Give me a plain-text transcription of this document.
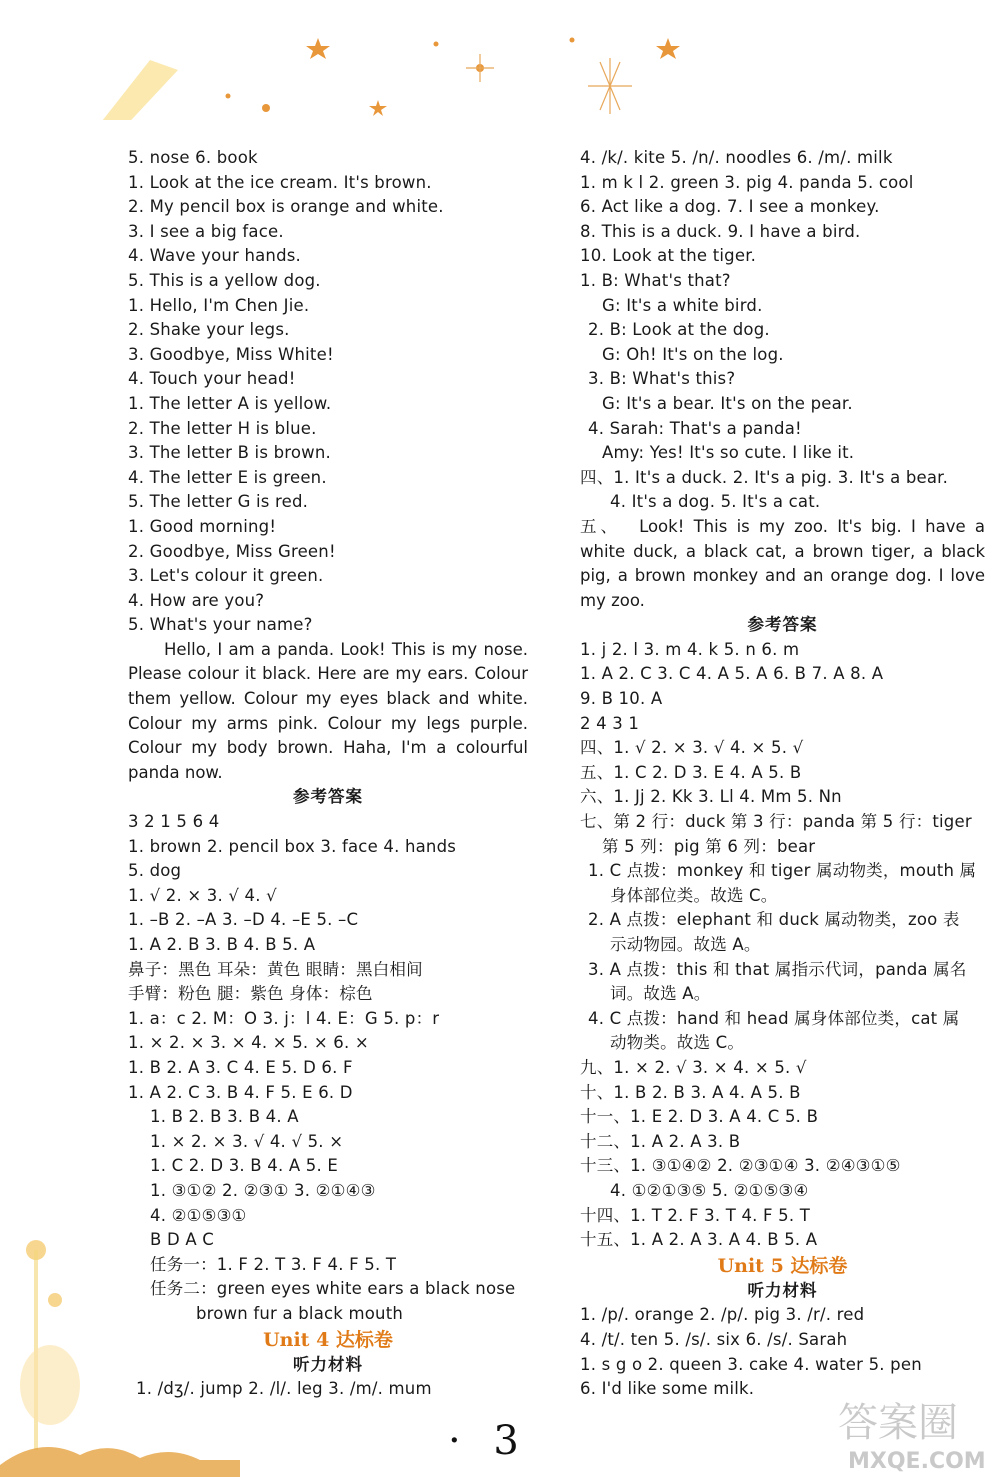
5. nose 6. book
1. Look at the ice cream. It's brown.
2. My pencil box is orange and white.
3. I see a big face.
4. Wave your hands.
5. This is a yellow dog.
1. Hello, I'm Chen Jie.
2. Shake your legs.
3. Goodbye, Miss White!
4. Touch your head!
1. The letter A is yellow.
2. The letter H is blue.
3. The letter B is brown.
4. The letter E is green.
5. The letter G is red.
1. Good morning!
2. Goodbye, Miss Green!
3. Let's colour it green.
4. How are you?
5. What's your name?
Hello, I am a panda. Look! This is my nose. Please colour it black. Here are my ears. Colour them yellow. Colour my eyes black and white. Colour my arms pink. Colour my legs purple. Colour my body brown. Haha, I'm a colourful panda now.
参考答案
3 2 1 5 6 4
1. brown 2. pencil box 3. face 4. hands
5. dog
1. √ 2. × 3. √ 4. √
1. –B 2. –A 3. –D 4. –E 5. –C
1. A 2. B 3. B 4. B 5. A
鼻子：黑色 耳朵：黄色 眼睛：黑白相间
手臂：粉色 腿：紫色 身体：棕色
1. a：c 2. M：O 3. j：l 4. E：G 5. p：r
1. × 2. × 3. × 4. × 5. × 6. ×
1. B 2. A 3. C 4. E 5. D 6. F
1. A 2. C 3. B 4. F 5. E 6. D
1. B 2. B 3. B 4. A
1. × 2. × 3. √ 4. √ 5. ×
1. C 2. D 3. B 4. A 5. E
1. ③①② 2. ②③① 3. ②①④③
4. ②①⑤③①
B D A C
任务一：1. F 2. T 3. F 4. F 5. T
任务二：green eyes white ears a black nose
brown fur a black mouth
Unit 4 达标卷
听力材料
1. /dʒ/. jump 2. /l/. leg 3. /m/. mum
4. /k/. kite 5. /n/. noodles 6. /m/. milk
1. m k l 2. green 3. pig 4. panda 5. cool
6. Act like a dog. 7. I see a monkey.
8. This is a duck. 9. I have a bird.
10. Look at the tiger.
1. B: What's that?
G: It's a white bird.
2. B: Look at the dog.
G: Oh! It's on the log.
3. B: What's this?
G: It's a bear. It's on the pear.
4. Sarah: That's a panda!
Amy: Yes! It's so cute. I like it.
四、1. It's a duck. 2. It's a pig. 3. It's a bear.
4. It's a dog. 5. It's a cat.
五、 Look! This is my zoo. It's big. I have a white duck, a black cat, a brown tiger, a black pig, a brown monkey and an orange dog. I love my zoo.
参考答案
1. j 2. l 3. m 4. k 5. n 6. m
1. A 2. C 3. C 4. A 5. A 6. B 7. A 8. A
9. B 10. A
2 4 3 1
四、1. √ 2. × 3. √ 4. × 5. √
五、1. C 2. D 3. E 4. A 5. B
六、1. Jj 2. Kk 3. Ll 4. Mm 5. Nn
七、第 2 行：duck 第 3 行：panda 第 5 行：tiger
第 5 列：pig 第 6 列：bear
1. C 点拨：monkey 和 tiger 属动物类，mouth 属
身体部位类。故选 C。
2. A 点拨：elephant 和 duck 属动物类，zoo 表
示动物园。故选 A。
3. A 点拨：this 和 that 属指示代词，panda 属名
词。故选 A。
4. C 点拨：hand 和 head 属身体部位类，cat 属
动物类。故选 C。
九、1. × 2. √ 3. × 4. × 5. √
十、1. B 2. B 3. A 4. A 5. B
十一、1. E 2. D 3. A 4. C 5. B
十二、1. A 2. A 3. B
十三、1. ③①④② 2. ②③①④ 3. ②④③①⑤
4. ①②①③⑤ 5. ②①⑤③④
十四、1. T 2. F 3. T 4. F 5. T
十五、1. A 2. A 3. A 4. B 5. A
Unit 5 达标卷
听力材料
1. /p/. orange 2. /p/. pig 3. /r/. red
4. /t/. ten 5. /s/. six 6. /s/. Sarah
1. s g o 2. queen 3. cake 4. water 5. pen
6. I'd like some milk.
· 3	答案圈
MXQE.COM
